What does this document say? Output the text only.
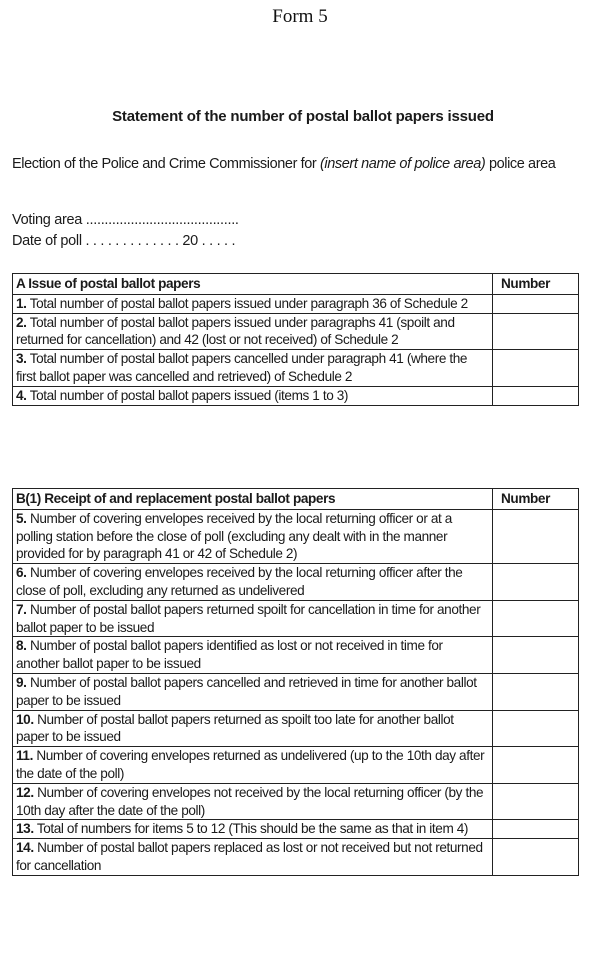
Form 5
Statement of the number of postal ballot papers issued
Election of the Police and Crime Commissioner for (insert name of police area) police area
Voting area .........................................
Date of poll . . . . . . . . . . . . . 20 . . . . .
A Issue of postal ballot papers	Number
1. Total number of postal ballot papers issued under paragraph 36 of Schedule 2	
2. Total number of postal ballot papers issued under paragraphs 41 (spoilt and returned for cancellation) and 42 (lost or not received) of Schedule 2	
3. Total number of postal ballot papers cancelled under paragraph 41 (where the first ballot paper was cancelled and retrieved) of Schedule 2	
4. Total number of postal ballot papers issued (items 1 to 3)	
B(1) Receipt of and replacement postal ballot papers	Number
5. Number of covering envelopes received by the local returning officer or at a polling station before the close of poll (excluding any dealt with in the manner provided for by paragraph 41 or 42 of Schedule 2)	
6. Number of covering envelopes received by the local returning officer after the close of poll, excluding any returned as undelivered	
7. Number of postal ballot papers returned spoilt for cancellation in time for another ballot paper to be issued	
8. Number of postal ballot papers identified as lost or not received in time for another ballot paper to be issued	
9. Number of postal ballot papers cancelled and retrieved in time for another ballot paper to be issued	
10. Number of postal ballot papers returned as spoilt too late for another ballot paper to be issued	
11. Number of covering envelopes returned as undelivered (up to the 10th day after the date of the poll)	
12. Number of covering envelopes not received by the local returning officer (by the 10th day after the date of the poll)	
13. Total of numbers for items 5 to 12 (This should be the same as that in item 4)	
14. Number of postal ballot papers replaced as lost or not received but not returned for cancellation	
